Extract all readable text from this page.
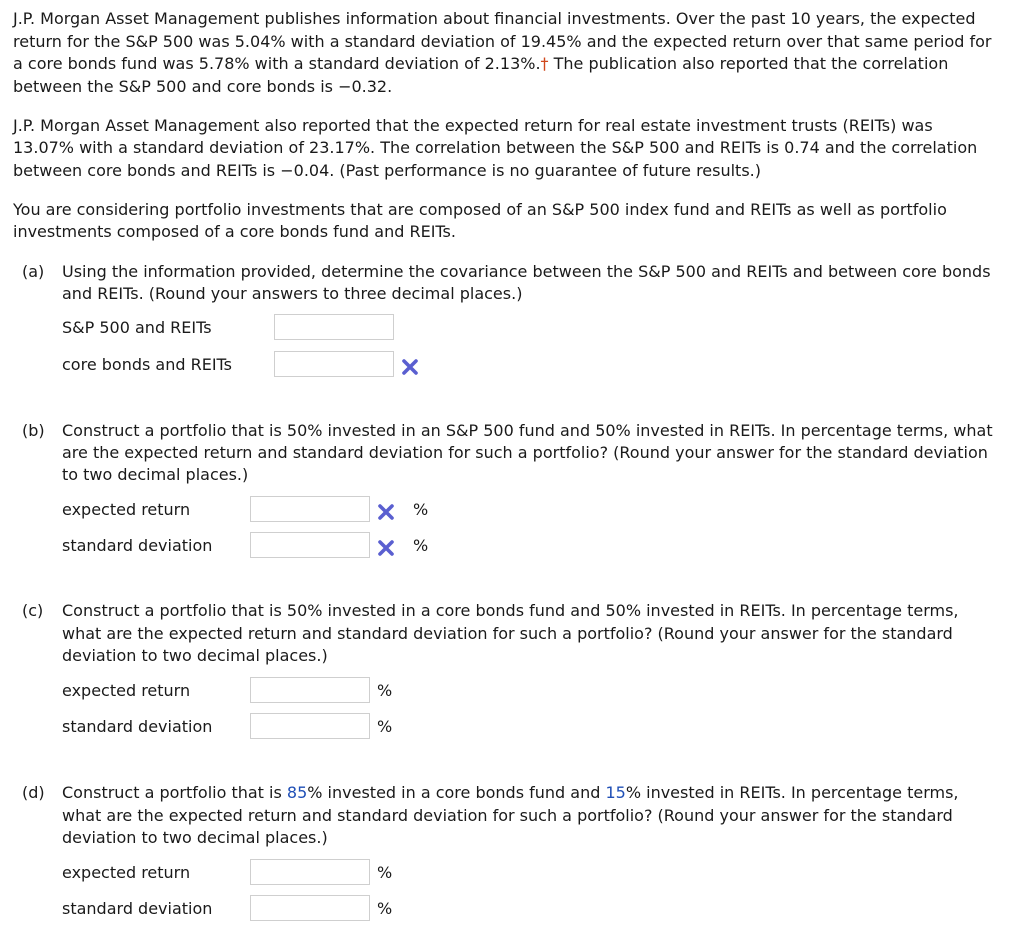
J.P. Morgan Asset Management publishes information about financial investments. Over the past 10 years, the expected
return for the S&P 500 was 5.04% with a standard deviation of 19.45% and the expected return over that same period for
a core bonds fund was 5.78% with a standard deviation of 2.13%.† The publication also reported that the correlation
between the S&P 500 and core bonds is −0.32.
J.P. Morgan Asset Management also reported that the expected return for real estate investment trusts (REITs) was
13.07% with a standard deviation of 23.17%. The correlation between the S&P 500 and REITs is 0.74 and the correlation
between core bonds and REITs is −0.04. (Past performance is no guarantee of future results.)
You are considering portfolio investments that are composed of an S&P 500 index fund and REITs as well as portfolio
investments composed of a core bonds fund and REITs.
(a) Using the information provided, determine the covariance between the S&P 500 and REITs and between core bonds
and REITs. (Round your answers to three decimal places.)
S&P 500 and REITs
core bonds and REITs
(b) Construct a portfolio that is 50% invested in an S&P 500 fund and 50% invested in REITs. In percentage terms, what
are the expected return and standard deviation for such a portfolio? (Round your answer for the standard deviation
to two decimal places.)
expected return	%
standard deviation	%
(c) Construct a portfolio that is 50% invested in a core bonds fund and 50% invested in REITs. In percentage terms,
what are the expected return and standard deviation for such a portfolio? (Round your answer for the standard
deviation to two decimal places.)
expected return	%
standard deviation	%
(d) Construct a portfolio that is 85% invested in a core bonds fund and 15% invested in REITs. In percentage terms,
what are the expected return and standard deviation for such a portfolio? (Round your answer for the standard
deviation to two decimal places.)
expected return	%
standard deviation	%
